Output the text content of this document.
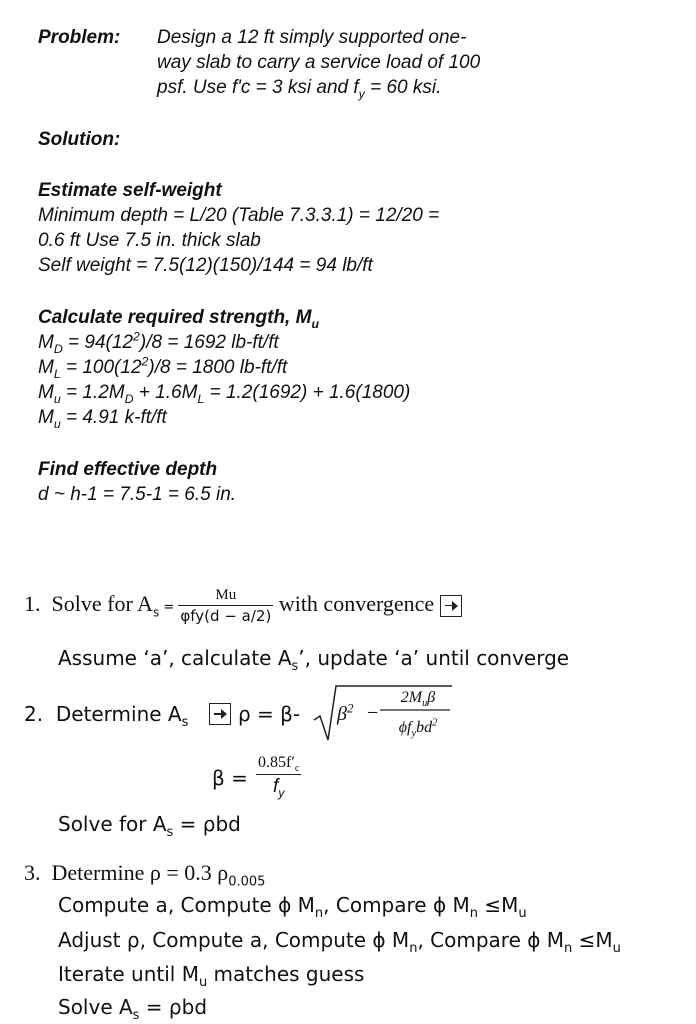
Problem: Design a 12 ft simply supported one-
way slab to carry a service load of 100
psf. Use f'c = 3 ksi and $f_y = 60$ ksi.
Solution:
Estimate self-weight
Minimum depth = L/20 (Table 7.3.3.1) = 12/20 =
0.6 ft Use 7.5 in. thick slab
Self weight = 7.5(12)(150)/144 = 94 lb/ft
Calculate required strength, $M_u$
$M_D = 94(12^2)/8 = 1692$ lb-ft/ft
$M_L = 100(12^2)/8 = 1800$ lb-ft/ft
$M_u = 1.2M_D + 1.6M_L = 1.2(1692) + 1.6(1800)$
$M_u = 4.91$ k-ft/ft
Find effective depth
d ~ h-1 = 7.5-1 = 6.5 in.
1. Solve for $A_s = \frac{Mu}{\text{φfy(d − a/2)}}$ with convergence
Assume ‘a’, calculate $A_s$’, update ‘a’ until converge
2. Determine $A_s$ ρ = β- $\beta^2$ −
$2M_u\beta$
$\phi f_ybd^2$
$\beta = \frac{0.85f'_c}{f_y}$
Solve for $A_s = \rho bd$
3. Determine ρ = 0.3 $\rho_{0.005}$
Compute a, Compute ϕ $M_n$, Compare ϕ $M_n \le M_u$
Adjust ρ, Compute a, Compute ϕ $M_n$, Compare ϕ $M_n \le M_u$
Iterate until $M_u$ matches guess
Solve $A_s = \rho bd$
